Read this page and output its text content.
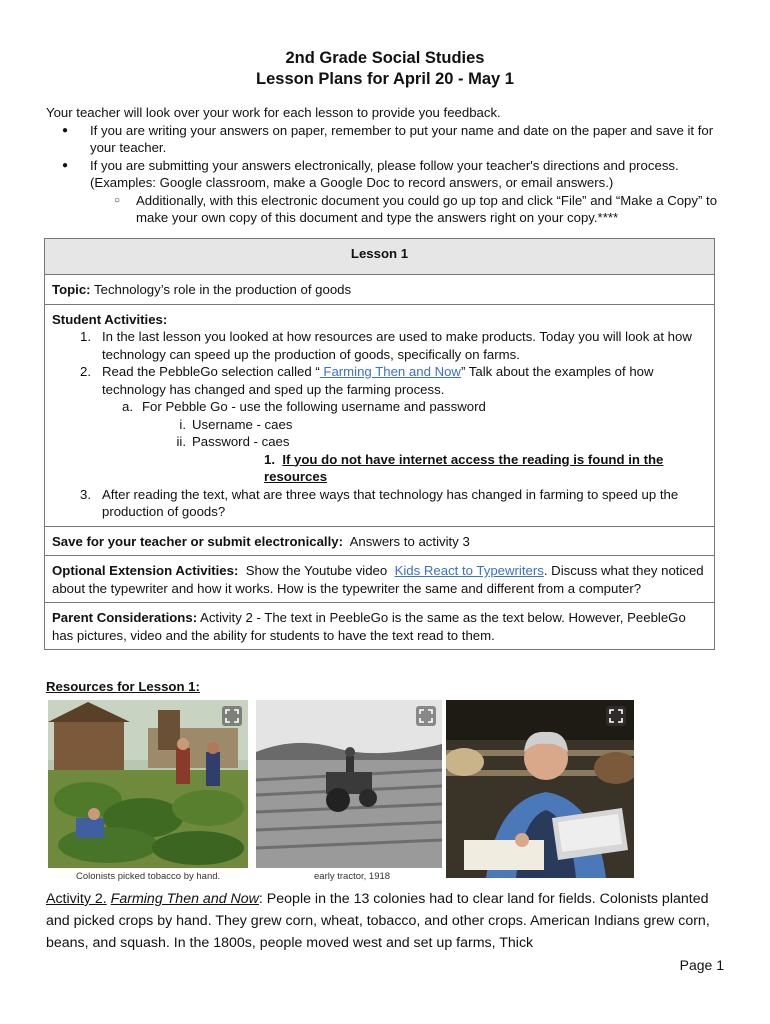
2nd Grade Social Studies
Lesson Plans for April 20 - May 1
Your teacher will look over your work for each lesson to provide you feedback.
● If you are writing your answers on paper, remember to put your name and date on the paper and save it for your teacher.
● If you are submitting your answers electronically, please follow your teacher's directions and process. (Examples: Google classroom, make a Google Doc to record answers, or email answers.)
○ Additionally, with this electronic document you could go up top and click “File” and “Make a Copy” to make your own copy of this document and type the answers right on your copy.****
Lesson 1
Topic: Technology’s role in the production of goods
Student Activities:
1. In the last lesson you looked at how resources are used to make products. Today you will look at how technology can speed up the production of goods, specifically on farms.
2. Read the PebbleGo selection called “ Farming Then and Now” Talk about the examples of how technology has changed and sped up the farming process.
a. For Pebble Go - use the following username and password
i. Username - caes
ii. Password - caes
1. If you do not have internet access the reading is found in the resources
3. After reading the text, what are three ways that technology has changed in farming to speed up the production of goods?

Save for your teacher or submit electronically: Answers to activity 3
Optional Extension Activities: Show the Youtube video Kids React to Typewriters. Discuss what they noticed about the typewriter and how it works. How is the typewriter the same and different from a computer?
Parent Considerations: Activity 2 - The text in PeebleGo is the same as the text below. However, PeebleGo has pictures, video and the ability for students to have the text read to them.
Resources for Lesson 1:
Colonists picked tobacco by hand.	early tractor, 1918
Activity 2. Farming Then and Now: People in the 13 colonies had to clear land for fields. Colonists planted and picked crops by hand. They grew corn, wheat, tobacco, and other crops. American Indians grew corn, beans, and squash. In the 1800s, people moved west and set up farms, Thick
Page 1
